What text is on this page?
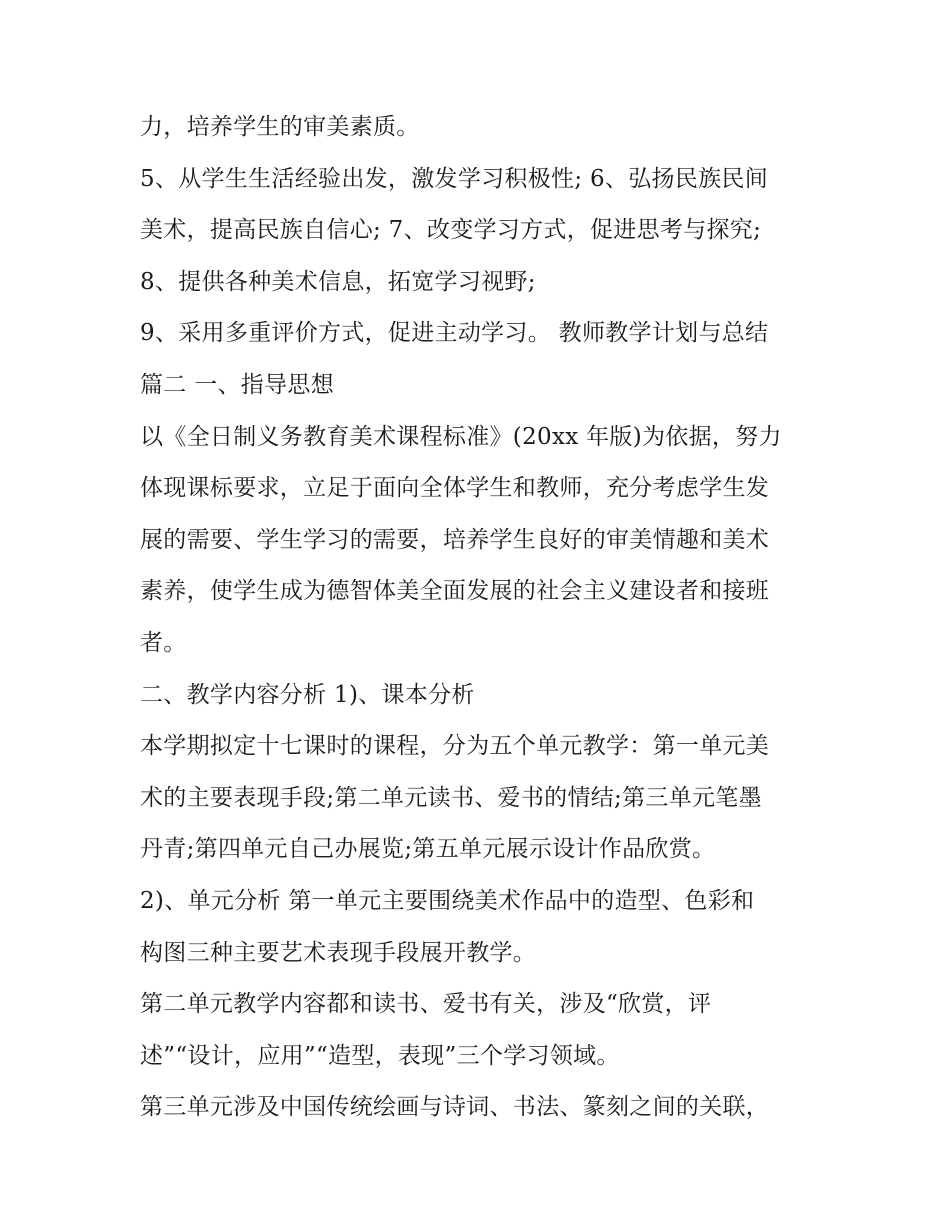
力，培养学生的审美素质。
5、从学生生活经验出发，激发学习积极性; 6、弘扬民族民间
美术，提高民族自信心; 7、改变学习方式，促进思考与探究;
8、提供各种美术信息，拓宽学习视野;
9、采用多重评价方式，促进主动学习。 教师教学计划与总结
篇二 一、指导思想
以《全日制义务教育美术课程标准》(20xx 年版)为依据，努力
体现课标要求，立足于面向全体学生和教师，充分考虑学生发
展的需要、学生学习的需要，培养学生良好的审美情趣和美术
素养，使学生成为德智体美全面发展的社会主义建设者和接班
者。
二、教学内容分析 1)、课本分析
本学期拟定十七课时的课程，分为五个单元教学：第一单元美
术的主要表现手段;第二单元读书、爱书的情结;第三单元笔墨
丹青;第四单元自己办展览;第五单元展示设计作品欣赏。
2)、单元分析 第一单元主要围绕美术作品中的造型、色彩和
构图三种主要艺术表现手段展开教学。
第二单元教学内容都和读书、爱书有关，涉及“欣赏，评
述”“设计，应用”“造型，表现”三个学习领域。
第三单元涉及中国传统绘画与诗词、书法、篆刻之间的关联，
